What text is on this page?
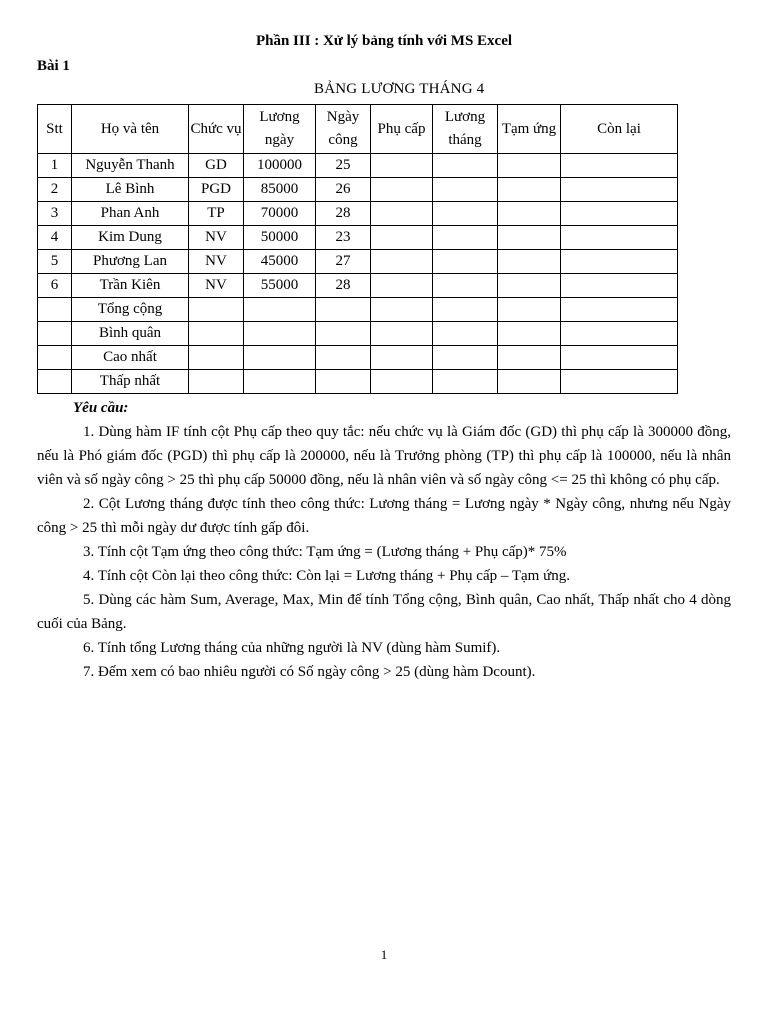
Phần III : Xử lý bảng tính với MS Excel
Bài 1
BẢNG LƯƠNG THÁNG 4
Stt	Họ và tên	Chức vụ	Lương ngày	Ngày công	Phụ cấp	Lương tháng	Tạm ứng	Còn lại
1	Nguyễn Thanh	GD	100000	25				
2	Lê Bình	PGD	85000	26				
3	Phan Anh	TP	70000	28				
4	Kim Dung	NV	50000	23				
5	Phương Lan	NV	45000	27				
6	Trần Kiên	NV	55000	28				
	Tổng cộng							
	Bình quân							
	Cao nhất							
	Thấp nhất							
Yêu cầu:

1. Dùng hàm IF tính cột Phụ cấp theo quy tắc: nếu chức vụ là Giám đốc (GD) thì phụ cấp là 300000 đồng, nếu là Phó giám đốc (PGD) thì phụ cấp là 200000, nếu là Trưởng phòng (TP) thì phụ cấp là 100000, nếu là nhân viên và số ngày công > 25 thì phụ cấp 50000 đồng, nếu là nhân viên và số ngày công <= 25 thì không có phụ cấp.

2. Cột Lương tháng được tính theo công thức: Lương tháng = Lương ngày * Ngày công, nhưng nếu Ngày công > 25 thì mỗi ngày dư được tính gấp đôi.

3. Tính cột Tạm ứng theo công thức: Tạm ứng = (Lương tháng + Phụ cấp)* 75%

4. Tính cột Còn lại theo công thức: Còn lại = Lương tháng + Phụ cấp – Tạm ứng.

5. Dùng các hàm Sum, Average, Max, Min để tính Tổng cộng, Bình quân, Cao nhất, Thấp nhất cho 4 dòng cuối của Bảng.

6. Tính tổng Lương tháng của những người là NV (dùng hàm Sumif).

7. Đếm xem có bao nhiêu người có Số ngày công > 25 (dùng hàm Dcount).

1
